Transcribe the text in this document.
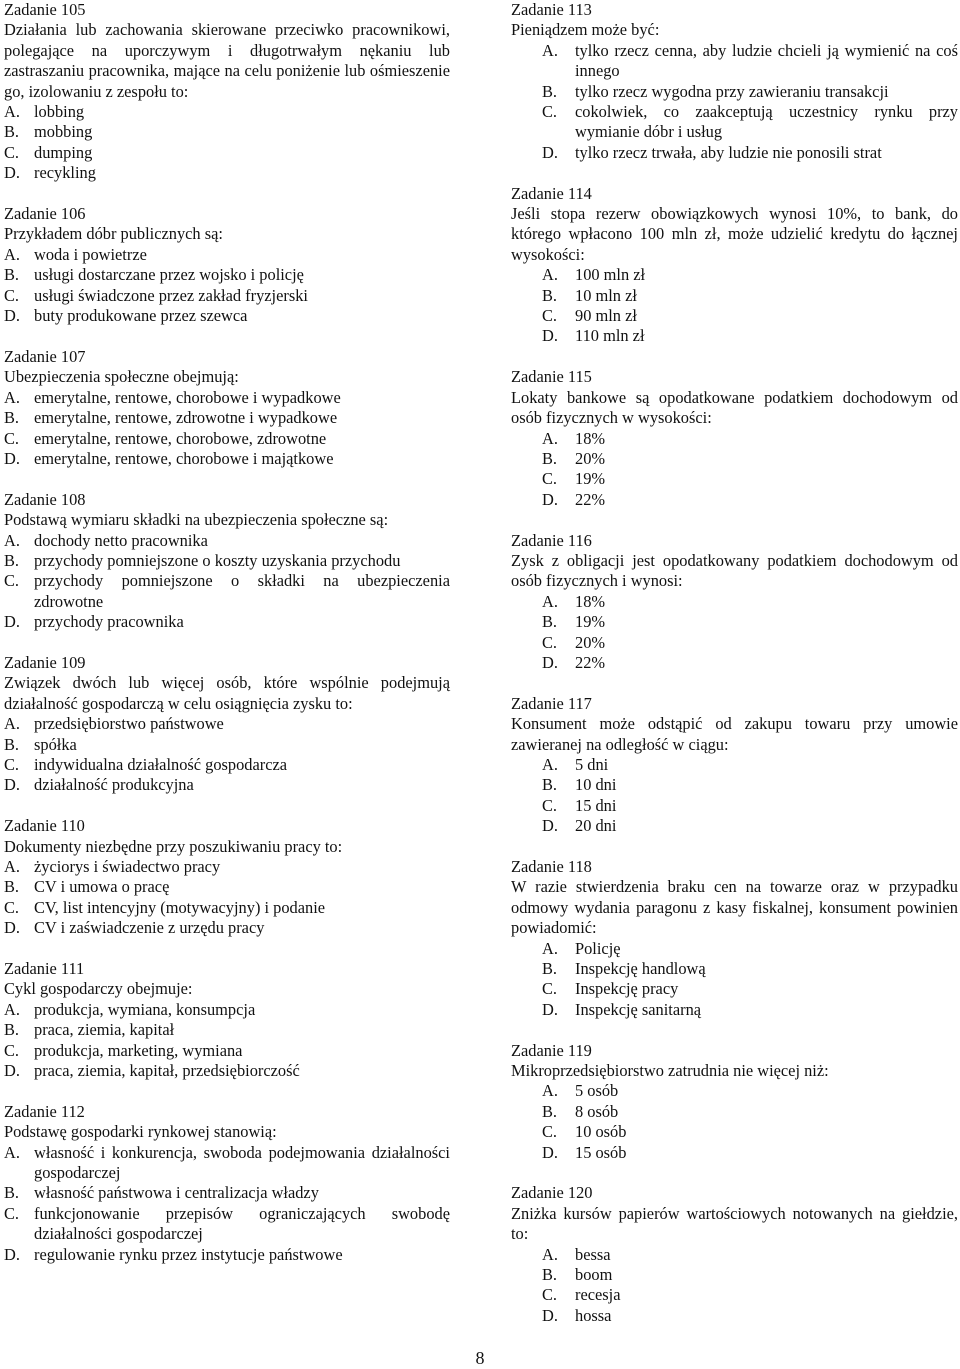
Zadanie 105

Działania lub zachowania skierowane przeciwko pracownikowi, polegające na uporczywym i długotrwałym nękaniu lub zastraszaniu pracownika, mające na celu poniżenie lub ośmieszenie go, izolowaniu z zespołu to:

A. lobbing
B. mobbing
C. dumping
D. recykling

Zadanie 106

Przykładem dóbr publicznych są:

A. woda i powietrze
B. usługi dostarczane przez wojsko i policję
C. usługi świadczone przez zakład fryzjerski
D. buty produkowane przez szewca

Zadanie 107

Ubezpieczenia społeczne obejmują:

A. emerytalne, rentowe, chorobowe i wypadkowe
B. emerytalne, rentowe, zdrowotne i wypadkowe
C. emerytalne, rentowe, chorobowe, zdrowotne
D. emerytalne, rentowe, chorobowe i majątkowe

Zadanie 108

Podstawą wymiaru składki na ubezpieczenia społeczne są:

A. dochody netto pracownika
B. przychody pomniejszone o koszty uzyskania przychodu
C. przychody pomniejszone o składki na ubezpieczenia zdrowotne
D. przychody pracownika

Zadanie 109

Związek dwóch lub więcej osób, które wspólnie podejmują działalność gospodarczą w celu osiągnięcia zysku to:

A. przedsiębiorstwo państwowe
B. spółka
C. indywidualna działalność gospodarcza
D. działalność produkcyjna

Zadanie 110

Dokumenty niezbędne przy poszukiwaniu pracy to:

A. życiorys i świadectwo pracy
B. CV i umowa o pracę
C. CV, list intencyjny (motywacyjny) i podanie
D. CV i zaświadczenie z urzędu pracy

Zadanie 111

Cykl gospodarczy obejmuje:

A. produkcja, wymiana, konsumpcja
B. praca, ziemia, kapitał
C. produkcja, marketing, wymiana
D. praca, ziemia, kapitał, przedsiębiorczość

Zadanie 112

Podstawę gospodarki rynkowej stanowią:

A. własność i konkurencja, swoboda podejmowania działalności gospodarczej
B. własność państwowa i centralizacja władzy
C. funkcjonowanie przepisów ograniczających swobodę działalności gospodarczej
D. regulowanie rynku przez instytucje państwowe

Zadanie 113

Pieniądzem może być:

A.	tylko rzecz cenna, aby ludzie chcieli ją wymienić na coś innego
B.	tylko rzecz wygodna przy zawieraniu transakcji
C.	cokolwiek, co zaakceptują uczestnicy rynku przy wymianie dóbr i usług
D.	tylko rzecz trwała, aby ludzie nie ponosili strat

Zadanie 114

Jeśli stopa rezerw obowiązkowych wynosi 10%, to bank, do którego wpłacono 100 mln zł, może udzielić kredytu do łącznej wysokości:

A.	100 mln zł
B.	10 mln zł
C.	90 mln zł
D.	110 mln zł

Zadanie 115

Lokaty bankowe są opodatkowane podatkiem dochodowym od osób fizycznych w wysokości:

A.	18%
B.	20%
C.	19%
D.	22%

Zadanie 116

Zysk z obligacji jest opodatkowany podatkiem dochodowym od osób fizycznych i wynosi:

A.	18%
B.	19%
C.	20%
D.	22%

Zadanie 117

Konsument może odstąpić od zakupu towaru przy umowie zawieranej na odległość w ciągu:

A.	5 dni
B.	10 dni
C.	15 dni
D.	20 dni

Zadanie 118

W razie stwierdzenia braku cen na towarze oraz w przypadku odmowy wydania paragonu z kasy fiskalnej, konsument powinien powiadomić:

A.	Policję
B.	Inspekcję handlową
C.	Inspekcję pracy
D.	Inspekcję sanitarną

Zadanie 119

Mikroprzedsiębiorstwo zatrudnia nie więcej niż:

A.	5 osób
B.	8 osób
C.	10 osób
D.	15 osób

Zadanie 120

Zniżka kursów papierów wartościowych notowanych na giełdzie, to:

A.	bessa
B.	boom
C.	recesja
D.	hossa
8
